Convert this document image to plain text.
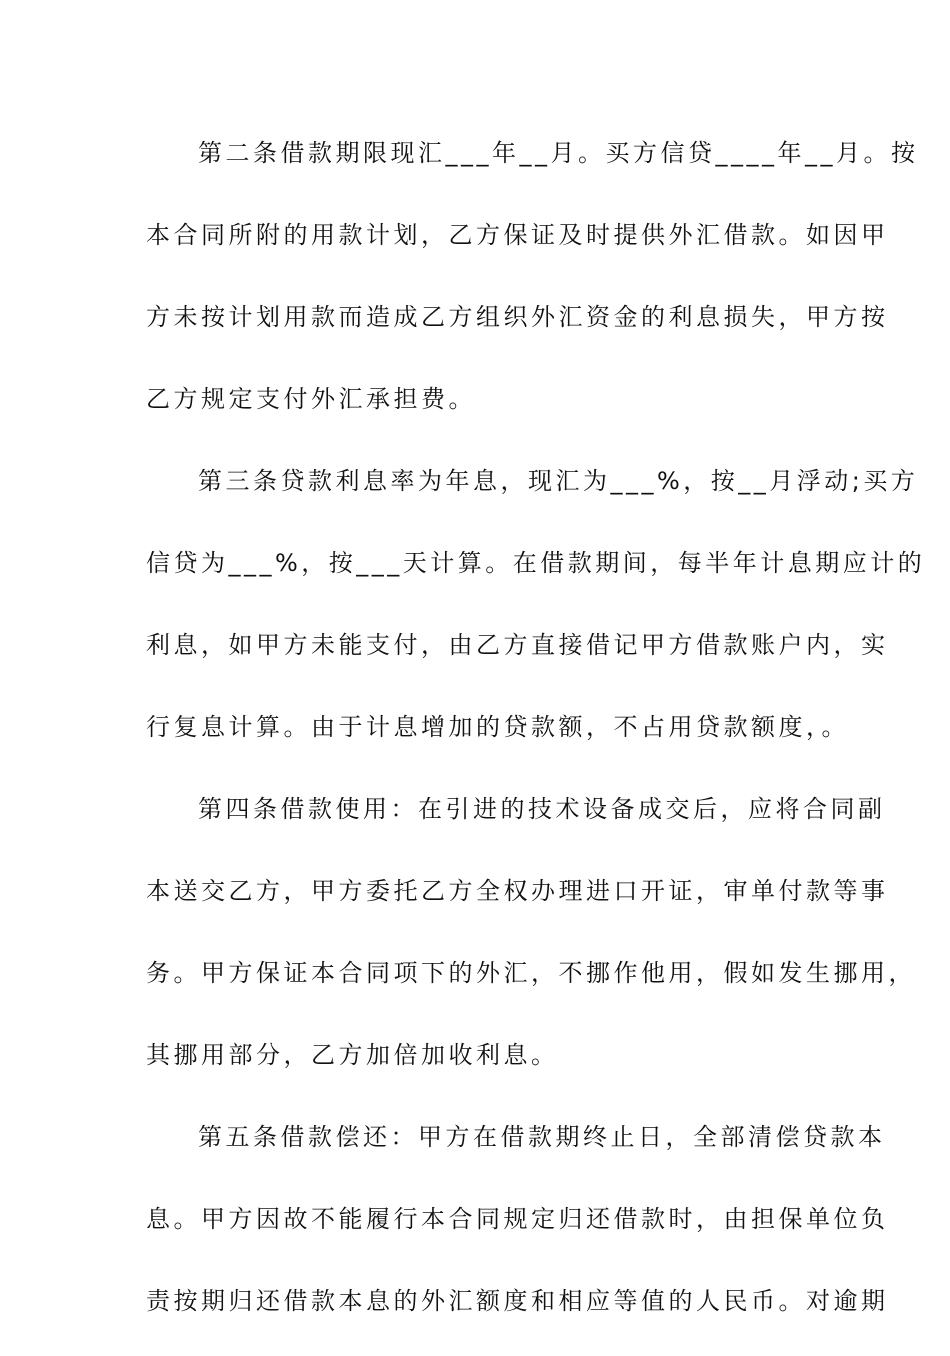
第二条借款期限现汇___年__月。买方信贷____年__月。按
本合同所附的用款计划，乙方保证及时提供外汇借款。如因甲
方未按计划用款而造成乙方组织外汇资金的利息损失，甲方按
乙方规定支付外汇承担费。
第三条贷款利息率为年息，现汇为___%，按__月浮动;买方
信贷为___%，按___天计算。在借款期间，每半年计息期应计的
利息，如甲方未能支付，由乙方直接借记甲方借款账户内，实
行复息计算。由于计息增加的贷款额，不占用贷款额度，。
第四条借款使用：在引进的技术设备成交后，应将合同副
本送交乙方，甲方委托乙方全权办理进口开证，审单付款等事
务。甲方保证本合同项下的外汇，不挪作他用，假如发生挪用，
其挪用部分，乙方加倍加收利息。
第五条借款偿还：甲方在借款期终止日，全部清偿贷款本
息。甲方因故不能履行本合同规定归还借款时，由担保单位负
责按期归还借款本息的外汇额度和相应等值的人民币。对逾期
